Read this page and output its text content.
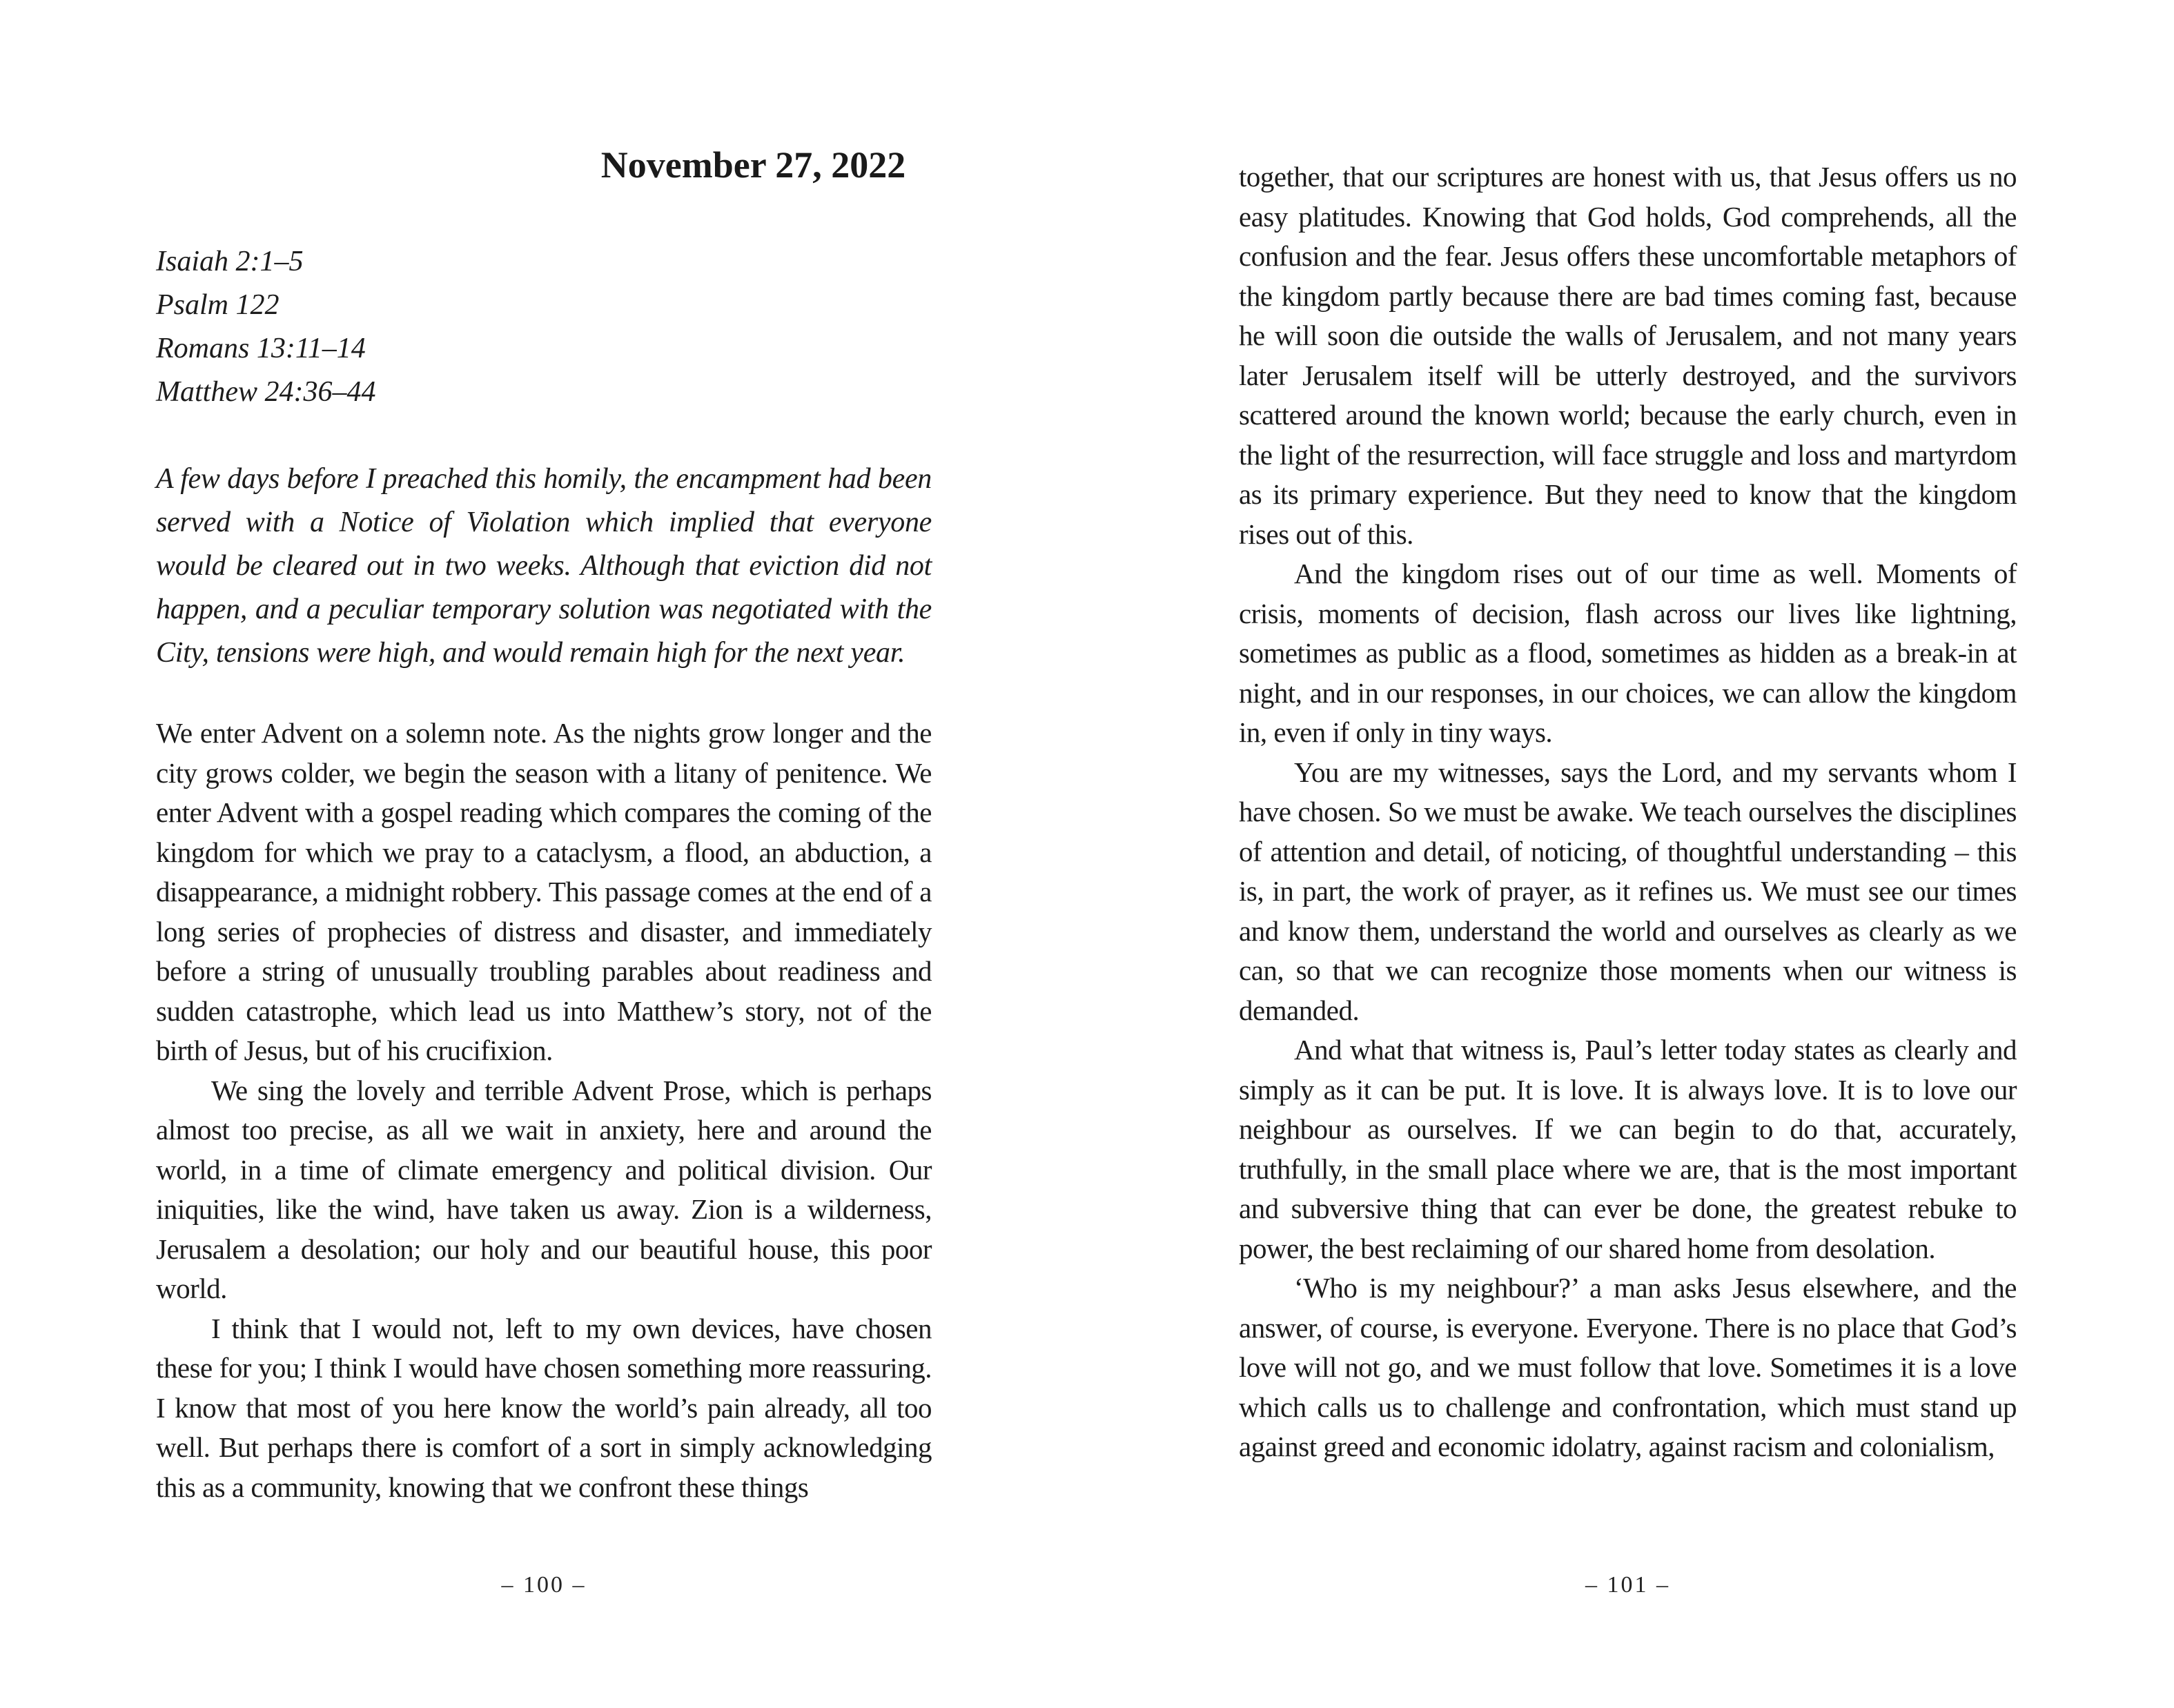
November 27, 2022

Isaiah 2:1–5

Psalm 122

Romans 13:11–14

Matthew 24:36–44

A few days before I preached this homily, the encampment had been served with a Notice of Violation which implied that everyone would be cleared out in two weeks. Although that eviction did not happen, and a peculiar temporary solution was negotiated with the City, tensions were high, and would remain high for the next year.

We enter Advent on a solemn note. As the nights grow longer and the city grows colder, we begin the season with a litany of penitence. We enter Advent with a gospel reading which compares the coming of the kingdom for which we pray to a cataclysm, a flood, an abduction, a disappearance, a midnight robbery. This passage comes at the end of a long series of prophecies of distress and disaster, and immediately before a string of unusually troubling parables about readiness and sudden catastrophe, which lead us into Matthew’s story, not of the birth of Jesus, but of his crucifixion.

We sing the lovely and terrible Advent Prose, which is perhaps almost too precise, as all we wait in anxiety, here and around the world, in a time of climate emergency and political division. Our iniquities, like the wind, have taken us away. Zion is a wilderness, Jerusalem a desolation; our holy and our beautiful house, this poor world.

I think that I would not, left to my own devices, have chosen these for you; I think I would have chosen something more reassuring. I know that most of you here know the world’s pain already, all too well. But perhaps there is comfort of a sort in simply acknowledging this as a community, knowing that we confront these things

– 100 –

together, that our scriptures are honest with us, that Jesus offers us no easy platitudes. Knowing that God holds, God comprehends, all the confusion and the fear. Jesus offers these uncomfortable metaphors of the kingdom partly because there are bad times coming fast, because he will soon die outside the walls of Jerusalem, and not many years later Jerusalem itself will be utterly destroyed, and the survivors scattered around the known world; because the early church, even in the light of the resurrection, will face struggle and loss and martyrdom as its primary experience. But they need to know that the kingdom rises out of this.

And the kingdom rises out of our time as well. Moments of crisis, moments of decision, flash across our lives like lightning, sometimes as public as a flood, sometimes as hidden as a break-in at night, and in our responses, in our choices, we can allow the kingdom in, even if only in tiny ways.

You are my witnesses, says the Lord, and my servants whom I have chosen. So we must be awake. We teach ourselves the disciplines of attention and detail, of noticing, of thoughtful understanding – this is, in part, the work of prayer, as it refines us. We must see our times and know them, understand the world and ourselves as clearly as we can, so that we can recognize those moments when our witness is demanded.

And what that witness is, Paul’s letter today states as clearly and simply as it can be put. It is love. It is always love. It is to love our neighbour as ourselves. If we can begin to do that, accurately, truthfully, in the small place where we are, that is the most important and subversive thing that can ever be done, the greatest rebuke to power, the best reclaiming of our shared home from desolation.

‘Who is my neighbour?’ a man asks Jesus elsewhere, and the answer, of course, is everyone. Everyone. There is no place that God’s love will not go, and we must follow that love. Sometimes it is a love which calls us to challenge and confrontation, which must stand up against greed and economic idolatry, against racism and colonialism,

– 101 –
